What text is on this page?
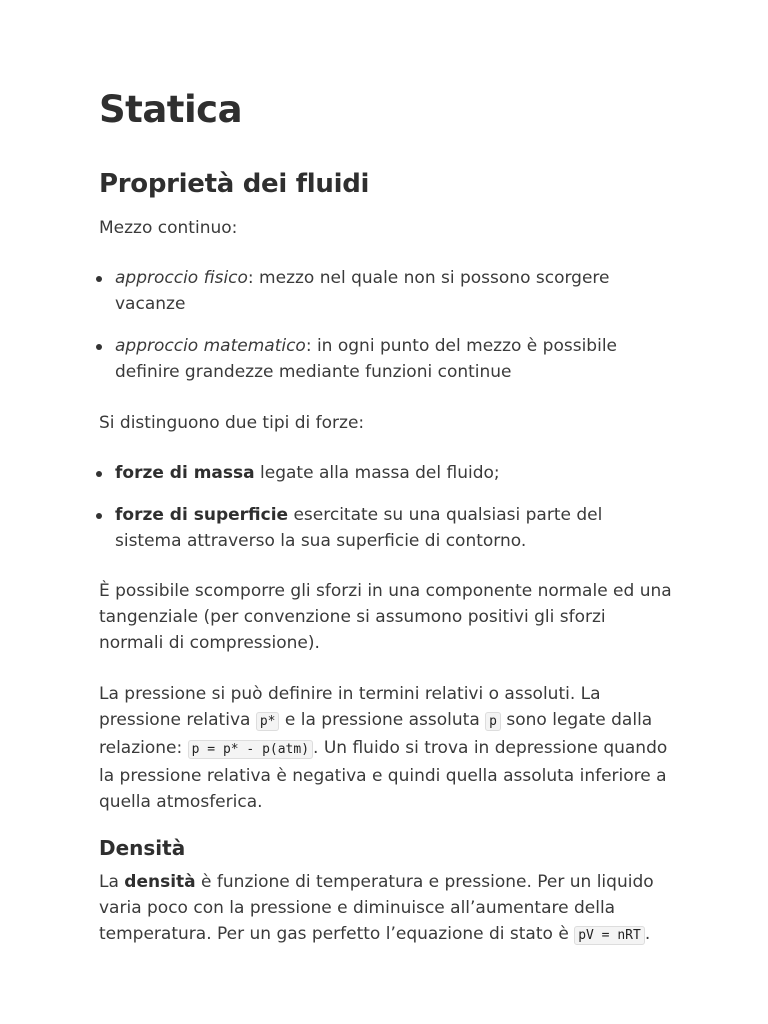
Statica
Proprietà dei fluidi

Mezzo continuo:

approccio fisico: mezzo nel quale non si possono scorgere vacanze
approccio matematico: in ogni punto del mezzo è possibile definire grandezze mediante funzioni continue

Si distinguono due tipi di forze:

forze di massa legate alla massa del fluido;
forze di superficie esercitate su una qualsiasi parte del sistema attraverso la sua superficie di contorno.

È possibile scomporre gli sforzi in una componente normale ed una tangenziale (per convenzione si assumono positivi gli sforzi normali di compressione).

La pressione si può definire in termini relativi o assoluti. La pressione relativa p* e la pressione assoluta p sono legate dalla relazione: p = p* - p(atm) . Un fluido si trova in depressione quando la pressione relativa è negativa e quindi quella assoluta inferiore a quella atmosferica.

Densità

La densità è funzione di temperatura e pressione. Per un liquido varia poco con la pressione e diminuisce all’aumentare della temperatura. Per un gas perfetto l’equazione di stato è pV = nRT .
